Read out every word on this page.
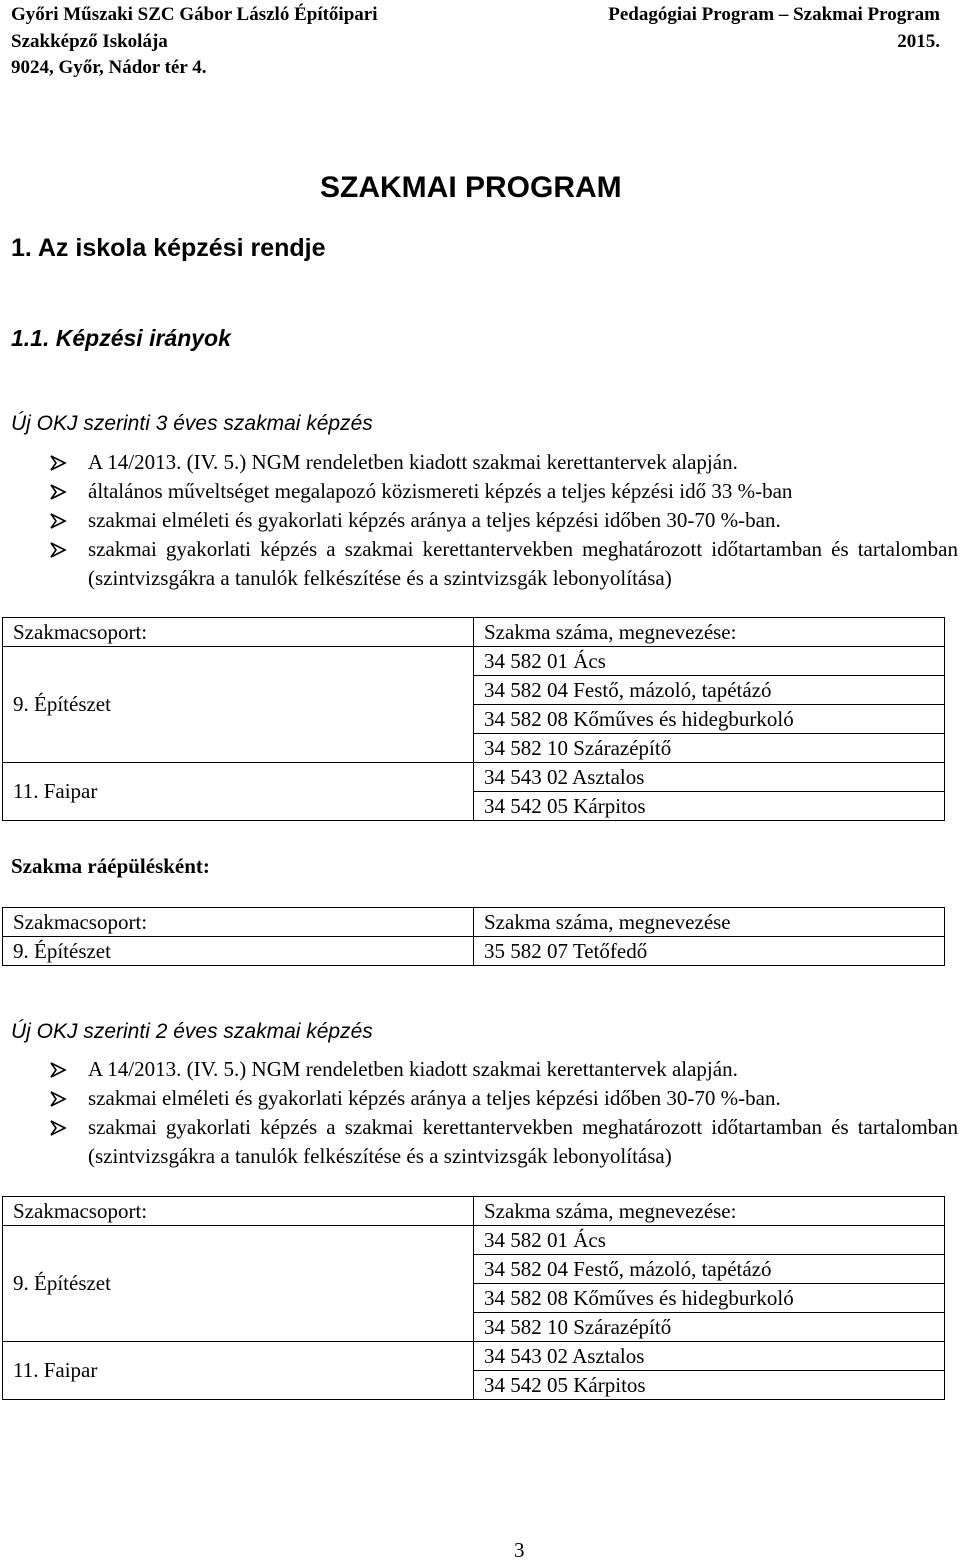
Győri Műszaki SZC Gábor László Építőipari
Szakképző Iskolája
9024, Győr, Nádor tér 4.
Pedagógiai Program – Szakmai Program
2015.
SZAKMAI PROGRAM
1. Az iskola képzési rendje
1.1. Képzési irányok
Új OKJ szerinti 3 éves szakmai képzés
A 14/2013. (IV. 5.) NGM rendeletben kiadott szakmai kerettantervek alapján.
általános műveltséget megalapozó közismereti képzés a teljes képzési idő 33 %-ban
szakmai elméleti és gyakorlati képzés aránya a teljes képzési időben 30-70 %-ban.
szakmai gyakorlati képzés a szakmai kerettantervekben meghatározott időtartamban és tartalomban (szintvizsgákra a tanulók felkészítése és a szintvizsgák lebonyolítása)
Szakmacsoport:	Szakma száma, megnevezése:
9. Építészet	34 582 01 Ács
	34 582 04 Festő, mázoló, tapétázó
	34 582 08 Kőműves és hidegburkoló
	34 582 10 Szárazépítő
11. Faipar	34 543 02 Asztalos
	34 542 05 Kárpitos
Szakma ráépülésként:
Szakmacsoport:	Szakma száma, megnevezése
9. Építészet	35 582 07 Tetőfedő
Új OKJ szerinti 2 éves szakmai képzés
A 14/2013. (IV. 5.) NGM rendeletben kiadott szakmai kerettantervek alapján.
szakmai elméleti és gyakorlati képzés aránya a teljes képzési időben 30-70 %-ban.
szakmai gyakorlati képzés a szakmai kerettantervekben meghatározott időtartamban és tartalomban (szintvizsgákra a tanulók felkészítése és a szintvizsgák lebonyolítása)
Szakmacsoport:	Szakma száma, megnevezése:
9. Építészet	34 582 01 Ács
	34 582 04 Festő, mázoló, tapétázó
	34 582 08 Kőműves és hidegburkoló
	34 582 10 Szárazépítő
11. Faipar	34 543 02 Asztalos
	34 542 05 Kárpitos
3
